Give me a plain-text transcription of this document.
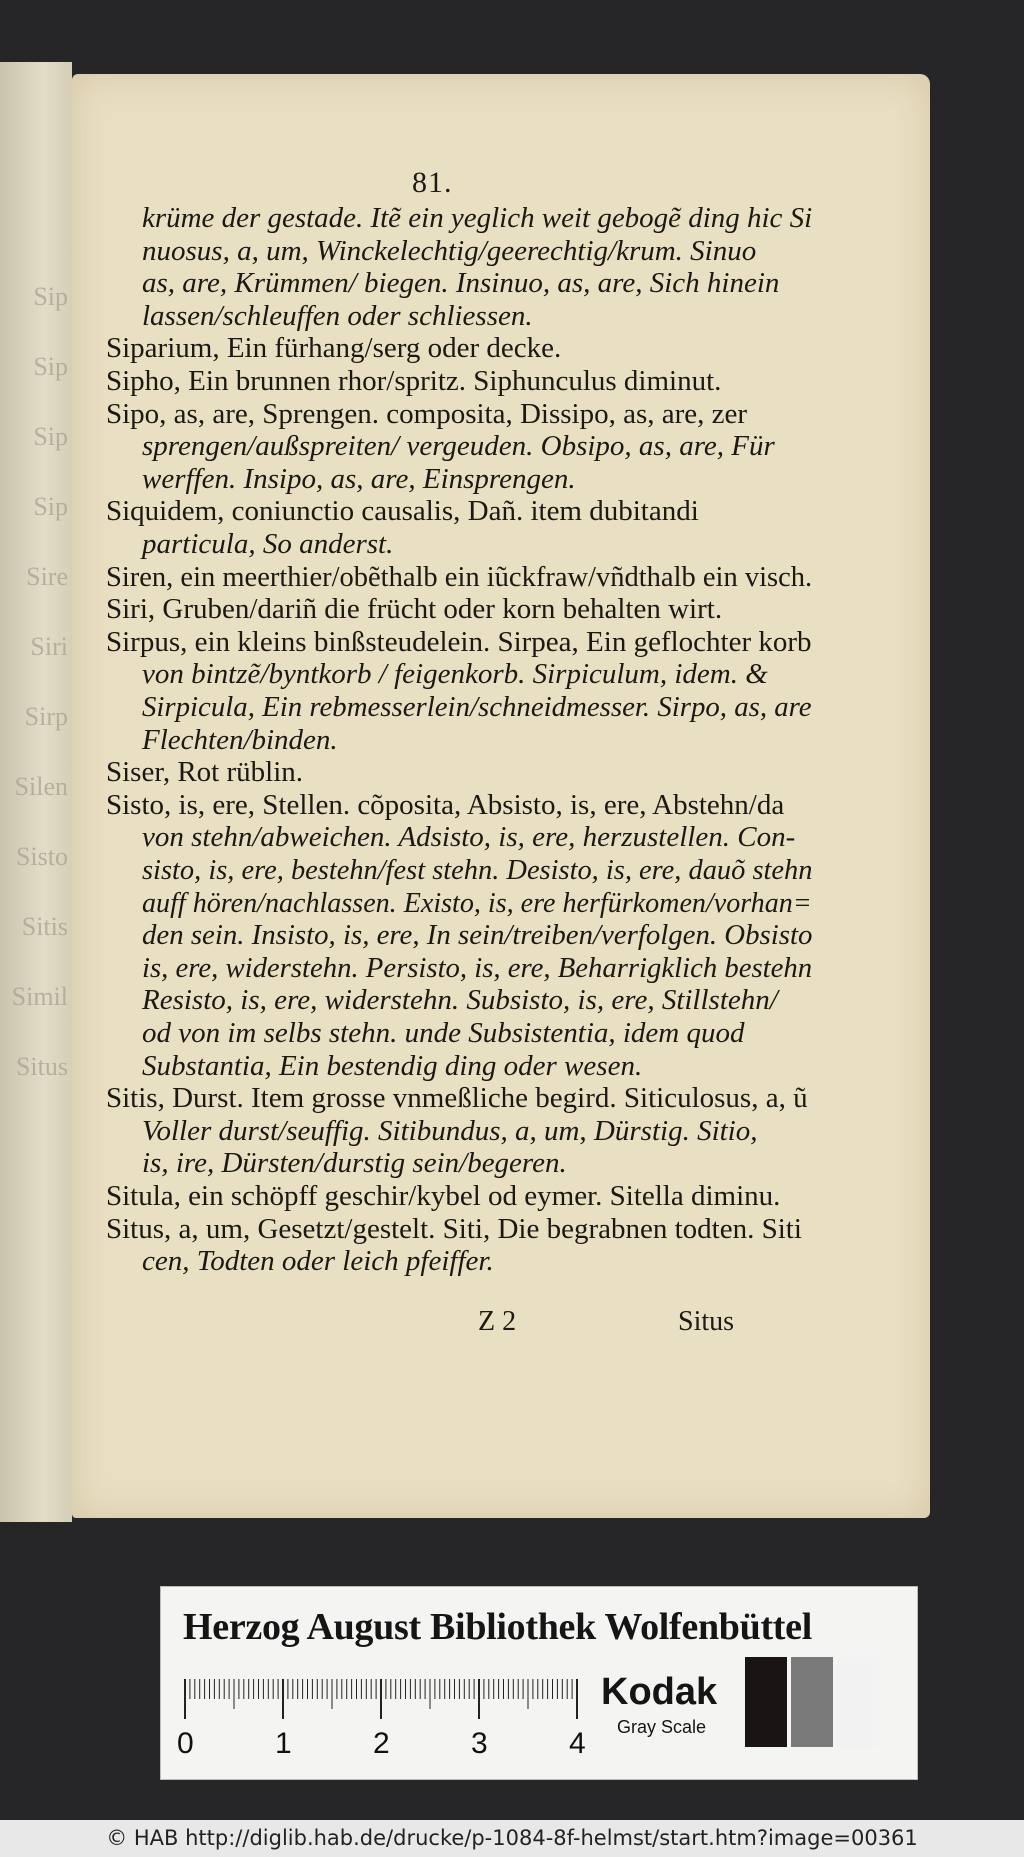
Sip
Sip
Sip
Sip
Sire
Siri
Sirp
Silen
Sisto
Sitis
Simil
Situs
81.
krüme der gestade. Itẽ ein yeglich weit gebogẽ ding hic Si
nuosus, a, um, Winckelechtig/geerechtig/krum. Sinuo
as, are, Krümmen/ biegen. Insinuo, as, are, Sich hinein
lassen/schleuffen oder schliessen.
Siparium, Ein fürhang/serg oder decke.
Sipho, Ein brunnen rhor/spritz. Siphunculus diminut.
Sipo, as, are, Sprengen. composita, Dissipo, as, are, zer
sprengen/außspreiten/ vergeuden. Obsipo, as, are, Für
werffen. Insipo, as, are, Einsprengen.
Siquidem, coniunctio causalis, Dañ. item dubitandi
particula, So anderst.
Siren, ein meerthier/obẽthalb ein iũckfraw/vñdthalb ein visch.
Siri, Gruben/dariñ die frücht oder korn behalten wirt.
Sirpus, ein kleins binßsteudelein. Sirpea, Ein geflochter korb
von bintzẽ/byntkorb / feigenkorb. Sirpiculum, idem. &
Sirpicula, Ein rebmesserlein/schneidmesser. Sirpo, as, are
Flechten/binden.
Siser, Rot rüblin.
Sisto, is, ere, Stellen. cõposita, Absisto, is, ere, Abstehn/da
von stehn/abweichen. Adsisto, is, ere, herzustellen. Con-
sisto, is, ere, bestehn/fest stehn. Desisto, is, ere, dauõ stehn
auff hören/nachlassen. Existo, is, ere herfürkomen/vorhan=
den sein. Insisto, is, ere, In sein/treiben/verfolgen. Obsisto
is, ere, widerstehn. Persisto, is, ere, Beharrigklich bestehn
Resisto, is, ere, widerstehn. Subsisto, is, ere, Stillstehn/
od von im selbs stehn. unde Subsistentia, idem quod
Substantia, Ein bestendig ding oder wesen.
Sitis, Durst. Item grosse vnmeßliche begird. Siticulosus, a, ũ
Voller durst/seuffig. Sitibundus, a, um, Dürstig. Sitio,
is, ire, Dürsten/durstig sein/begeren.
Situla, ein schöpff geschir/kybel od eymer. Sitella diminu.
Situs, a, um, Gesetzt/gestelt. Siti, Die begrabnen todten. Siti
cen, Todten oder leich pfeiffer.
Z 2	Situs
Herzog August Bibliothek Wolfenbüttel
0	1	2	3	4
Kodak
Gray Scale
© HAB http://diglib.hab.de/drucke/p-1084-8f-helmst/start.htm?image=00361
